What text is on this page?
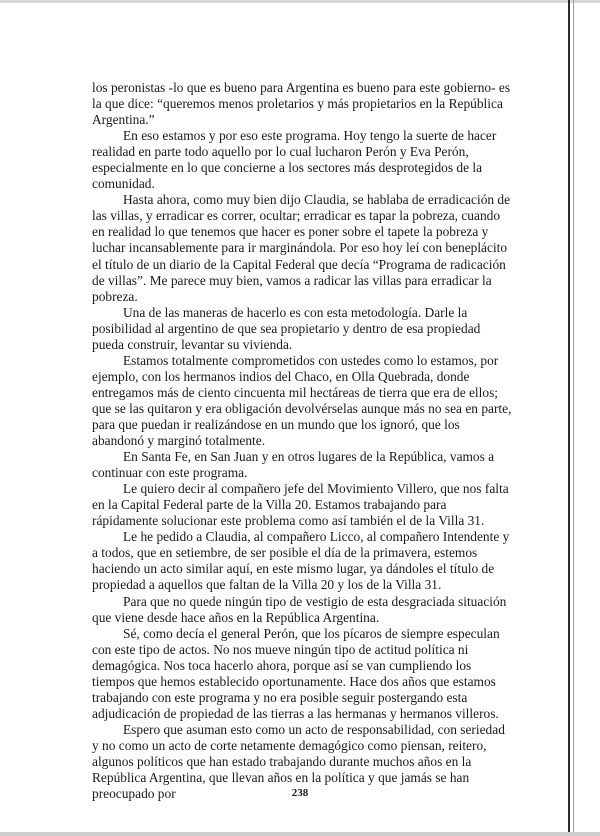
los peronistas -lo que es bueno para Argentina es bueno para este gobierno- es la que dice: “queremos menos proletarios y más propietarios en la República Argentina.”

En eso estamos y por eso este programa. Hoy tengo la suerte de hacer realidad en parte todo aquello por lo cual lucharon Perón y Eva Perón, especialmente en lo que concierne a los sectores más desprotegidos de la comunidad.

Hasta ahora, como muy bien dijo Claudia, se hablaba de erradicación de las villas, y erradicar es correr, ocultar; erradicar es tapar la pobreza, cuando en realidad lo que tenemos que hacer es poner sobre el tapete la pobreza y luchar incansablemente para ir marginándola. Por eso hoy leí con beneplácito el título de un diario de la Capital Federal que decía “Programa de radicación de villas”. Me parece muy bien, vamos a radicar las villas para erradicar la pobreza.

Una de las maneras de hacerlo es con esta metodología. Darle la posibilidad al argentino de que sea propietario y dentro de esa propiedad pueda construir, levantar su vivienda.

Estamos totalmente comprometidos con ustedes como lo estamos, por ejemplo, con los hermanos indios del Chaco, en Olla Quebrada, donde entregamos más de ciento cincuenta mil hectáreas de tierra que era de ellos; que se las quitaron y era obligación devolvérselas aunque más no sea en parte, para que puedan ir realizándose en un mundo que los ignoró, que los abandonó y marginó totalmente.

En Santa Fe, en San Juan y en otros lugares de la República, vamos a continuar con este programa.

Le quiero decir al compañero jefe del Movimiento Villero, que nos falta en la Capital Federal parte de la Villa 20. Estamos trabajando para rápidamente solucionar este problema como así también el de la Villa 31.

Le he pedido a Claudia, al compañero Licco, al compañero Intendente y a todos, que en setiembre, de ser posible el día de la primavera, estemos haciendo un acto similar aquí, en este mismo lugar, ya dándoles el título de propiedad a aquellos que faltan de la Villa 20 y los de la Villa 31.

Para que no quede ningún tipo de vestigio de esta desgraciada situación que viene desde hace años en la República Argentina.

Sé, como decía el general Perón, que los pícaros de siempre especulan con este tipo de actos. No nos mueve ningún tipo de actitud política ni demagógica. Nos toca hacerlo ahora, porque así se van cumpliendo los tiempos que hemos establecido oportunamente. Hace dos años que estamos trabajando con este programa y no era posible seguir postergando esta adjudicación de propiedad de las tierras a las hermanas y hermanos villeros.

Espero que asuman esto como un acto de responsabilidad, con seriedad y no como un acto de corte netamente demagógico como piensan, reitero, algunos políticos que han estado trabajando durante muchos años en la República Argentina, que llevan años en la política y que jamás se han preocupado por	238
